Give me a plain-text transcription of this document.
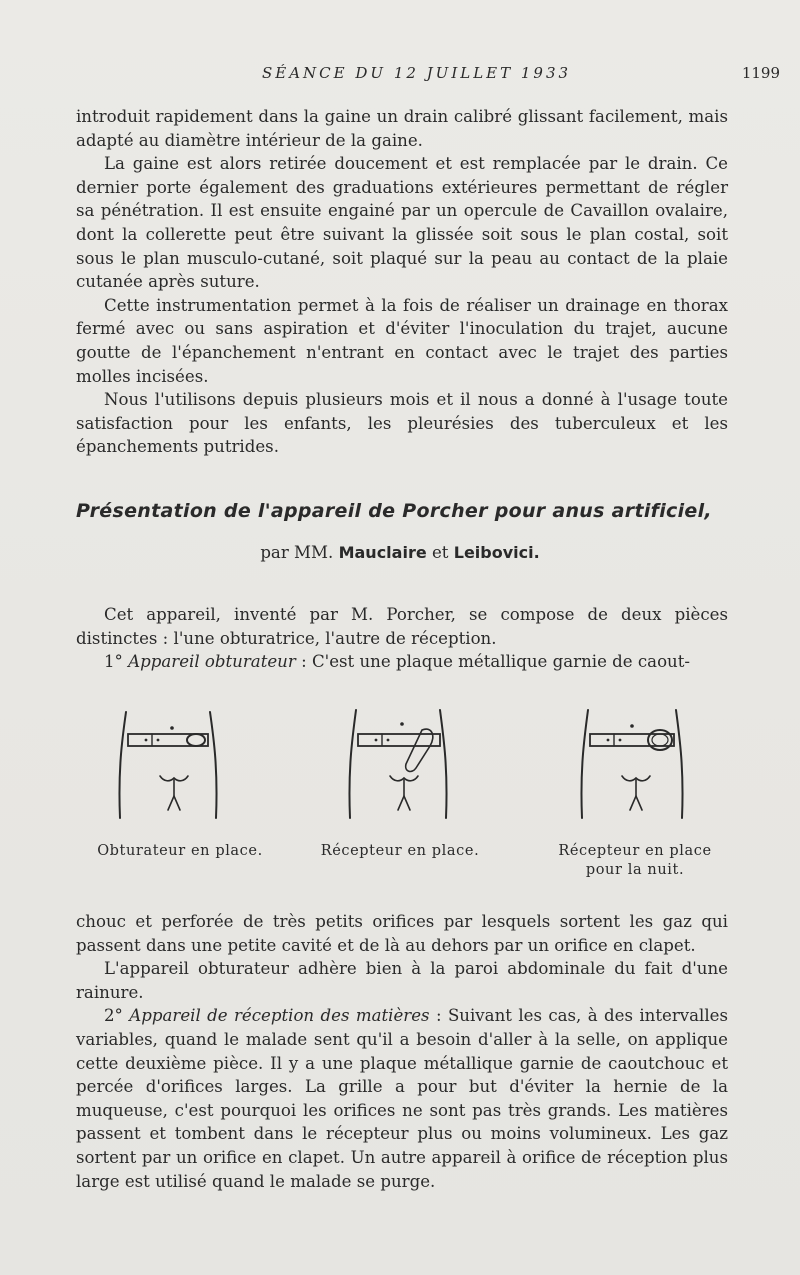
SÉANCE DU 12 JUILLET 1933	1199

introduit rapidement dans la gaine un drain calibré glissant facilement, mais adapté au diamètre intérieur de la gaine.

La gaine est alors retirée doucement et est remplacée par le drain. Ce dernier porte également des graduations extérieures permettant de régler sa pénétration. Il est ensuite engainé par un opercule de Cavaillon ovalaire, dont la collerette peut être suivant la glissée soit sous le plan costal, soit sous le plan musculo-cutané, soit plaqué sur la peau au contact de la plaie cutanée après suture.

Cette instrumentation permet à la fois de réaliser un drainage en thorax fermé avec ou sans aspiration et d'éviter l'inoculation du trajet, aucune goutte de l'épanchement n'entrant en contact avec le trajet des parties molles incisées.

Nous l'utilisons depuis plusieurs mois et il nous a donné à l'usage toute satisfaction pour les enfants, les pleurésies des tuberculeux et les épanchements putrides.

Présentation de l'appareil de Porcher pour anus artificiel,
par MM. Mauclaire et Leibovici.

Cet appareil, inventé par M. Porcher, se compose de deux pièces distinctes : l'une obturatrice, l'autre de réception.

1° Appareil obturateur : C'est une plaque métallique garnie de caout-

Obturateur en place.	Récepteur en place.	Récepteur en place
pour la nuit.

chouc et perforée de très petits orifices par lesquels sortent les gaz qui passent dans une petite cavité et de là au dehors par un orifice en clapet.

L'appareil obturateur adhère bien à la paroi abdominale du fait d'une rainure.

2° Appareil de réception des matières : Suivant les cas, à des intervalles variables, quand le malade sent qu'il a besoin d'aller à la selle, on applique cette deuxième pièce. Il y a une plaque métallique garnie de caoutchouc et percée d'orifices larges. La grille a pour but d'éviter la hernie de la muqueuse, c'est pourquoi les orifices ne sont pas très grands. Les matières passent et tombent dans le récepteur plus ou moins volumineux. Les gaz sortent par un orifice en clapet. Un autre appareil à orifice de réception plus large est utilisé quand le malade se purge.
